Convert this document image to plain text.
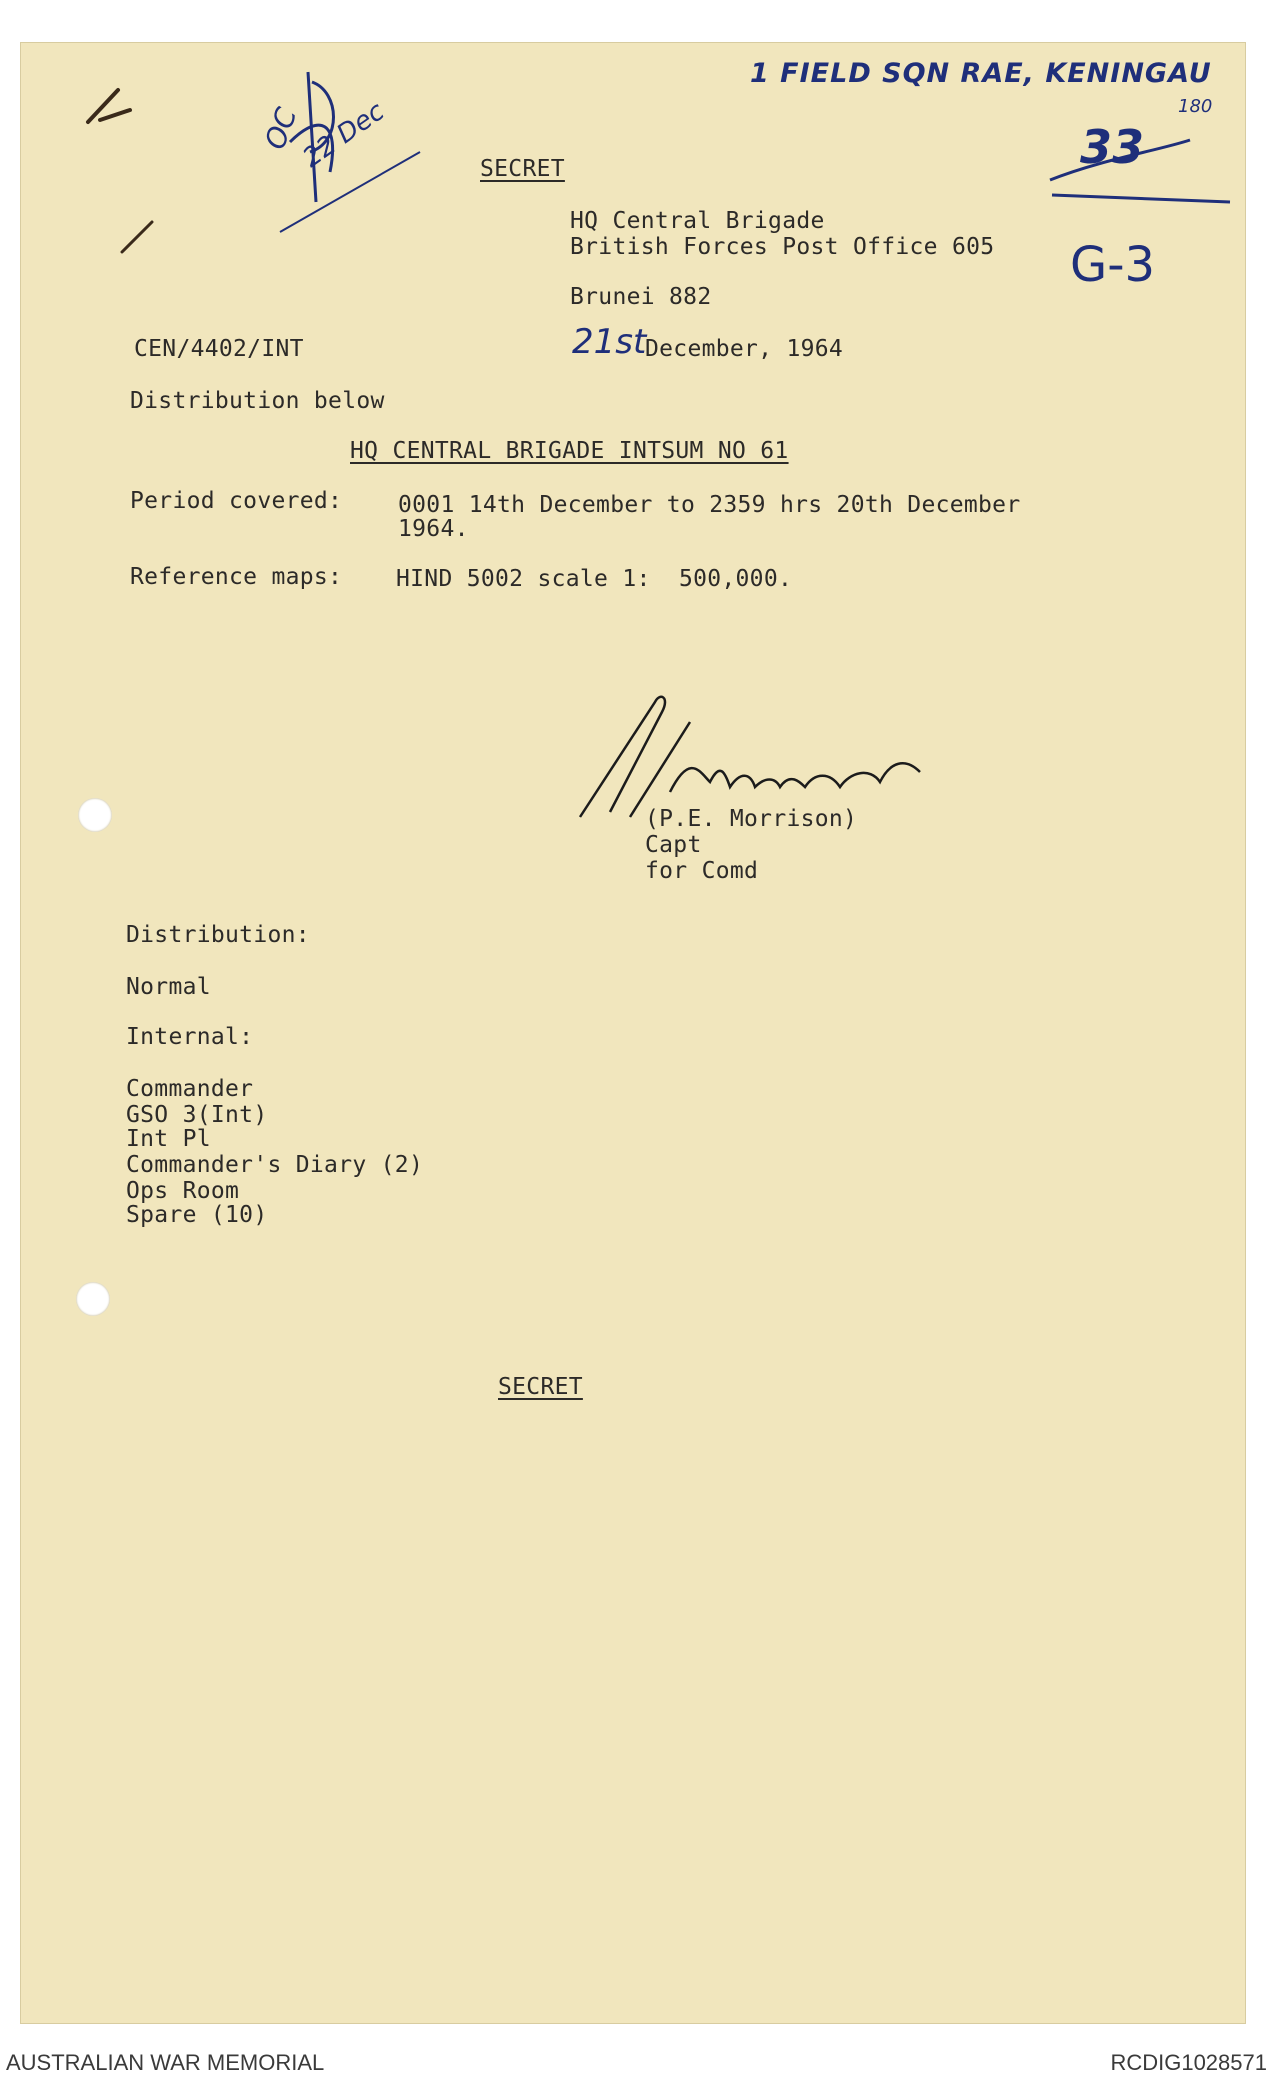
OC
22 Dec
1 FIELD SQN RAE, KENINGAU
180
33
G-3
SECRET
HQ Central Brigade
British Forces Post Office 605
Brunei 882
CEN/4402/INT	21st
December, 1964
Distribution below
HQ CENTRAL BRIGADE INTSUM NO 61
Period covered: 0001 14th December to 2359 hrs 20th December
1964.
Reference maps: HIND 5002 scale 1:  500,000.
(P.E. Morrison)
Capt
for Comd
Distribution:
Normal
Internal:
Commander
GSO 3(Int)
Int Pl
Commander's Diary (2)
Ops Room
Spare (10)
SECRET
AUSTRALIAN WAR MEMORIAL	RCDIG1028571
